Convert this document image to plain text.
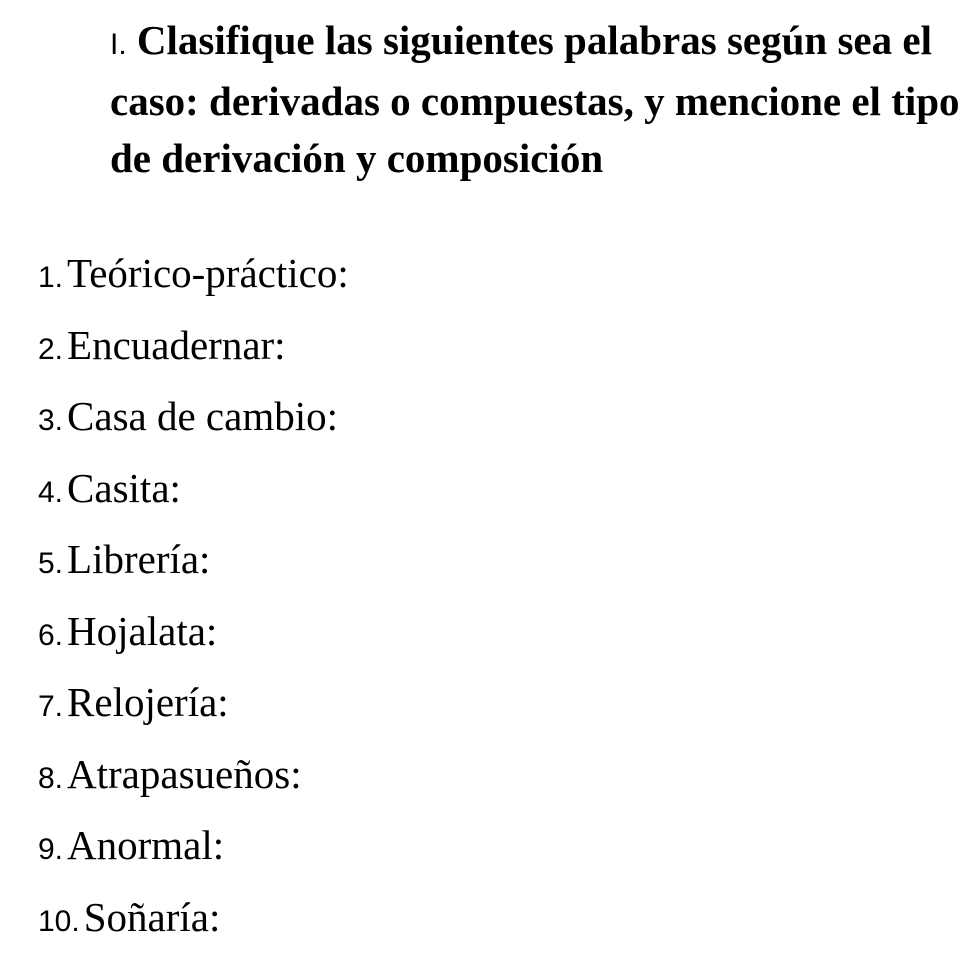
I. Clasifique las siguientes palabras según sea el caso: derivadas o compuestas, y mencione el tipo de derivación y composición

1. Teórico-práctico:
2. Encuadernar:
3. Casa de cambio:
4. Casita:
5. Librería:
6. Hojalata:
7. Relojería:
8. Atrapasueños:
9. Anormal:
10. Soñaría:
